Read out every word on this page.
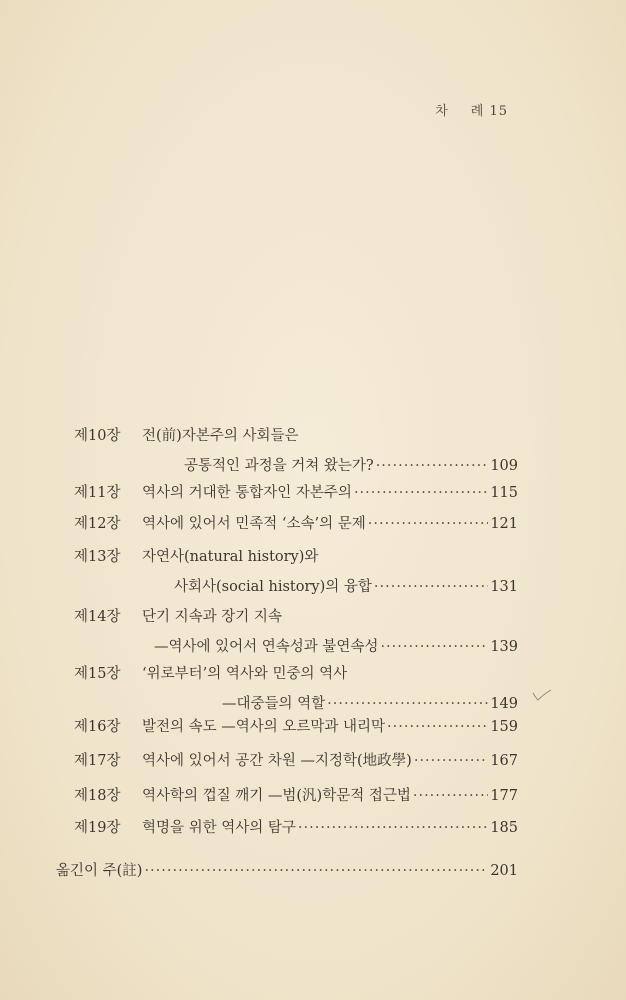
차 례 15
제10장	전(前)자본주의 사회들은
공통적인 과정을 거쳐 왔는가? ·····	109
제11장	역사의 거대한 통합자인 자본주의 ·····	115
제12장	역사에 있어서 민족적 ‘소속’의 문제 ·····	121
제13장	자연사(natural history)와
사회사(social history)의 융합 ·····	131
제14장	단기 지속과 장기 지속
—역사에 있어서 연속성과 불연속성 ·····	139
제15장	‘위로부터’의 역사와 민중의 역사
—대중들의 역할 ·····	149
제16장	발전의 속도 —역사의 오르막과 내리막 ·····	159
제17장	역사에 있어서 공간 차원 —지정학(地政學) ·····	167
제18장	역사학의 껍질 깨기 —범(汎)학문적 접근법 ·····	177
제19장	혁명을 위한 역사의 탐구 ·····	185
옮긴이 주(註) ·····	201
